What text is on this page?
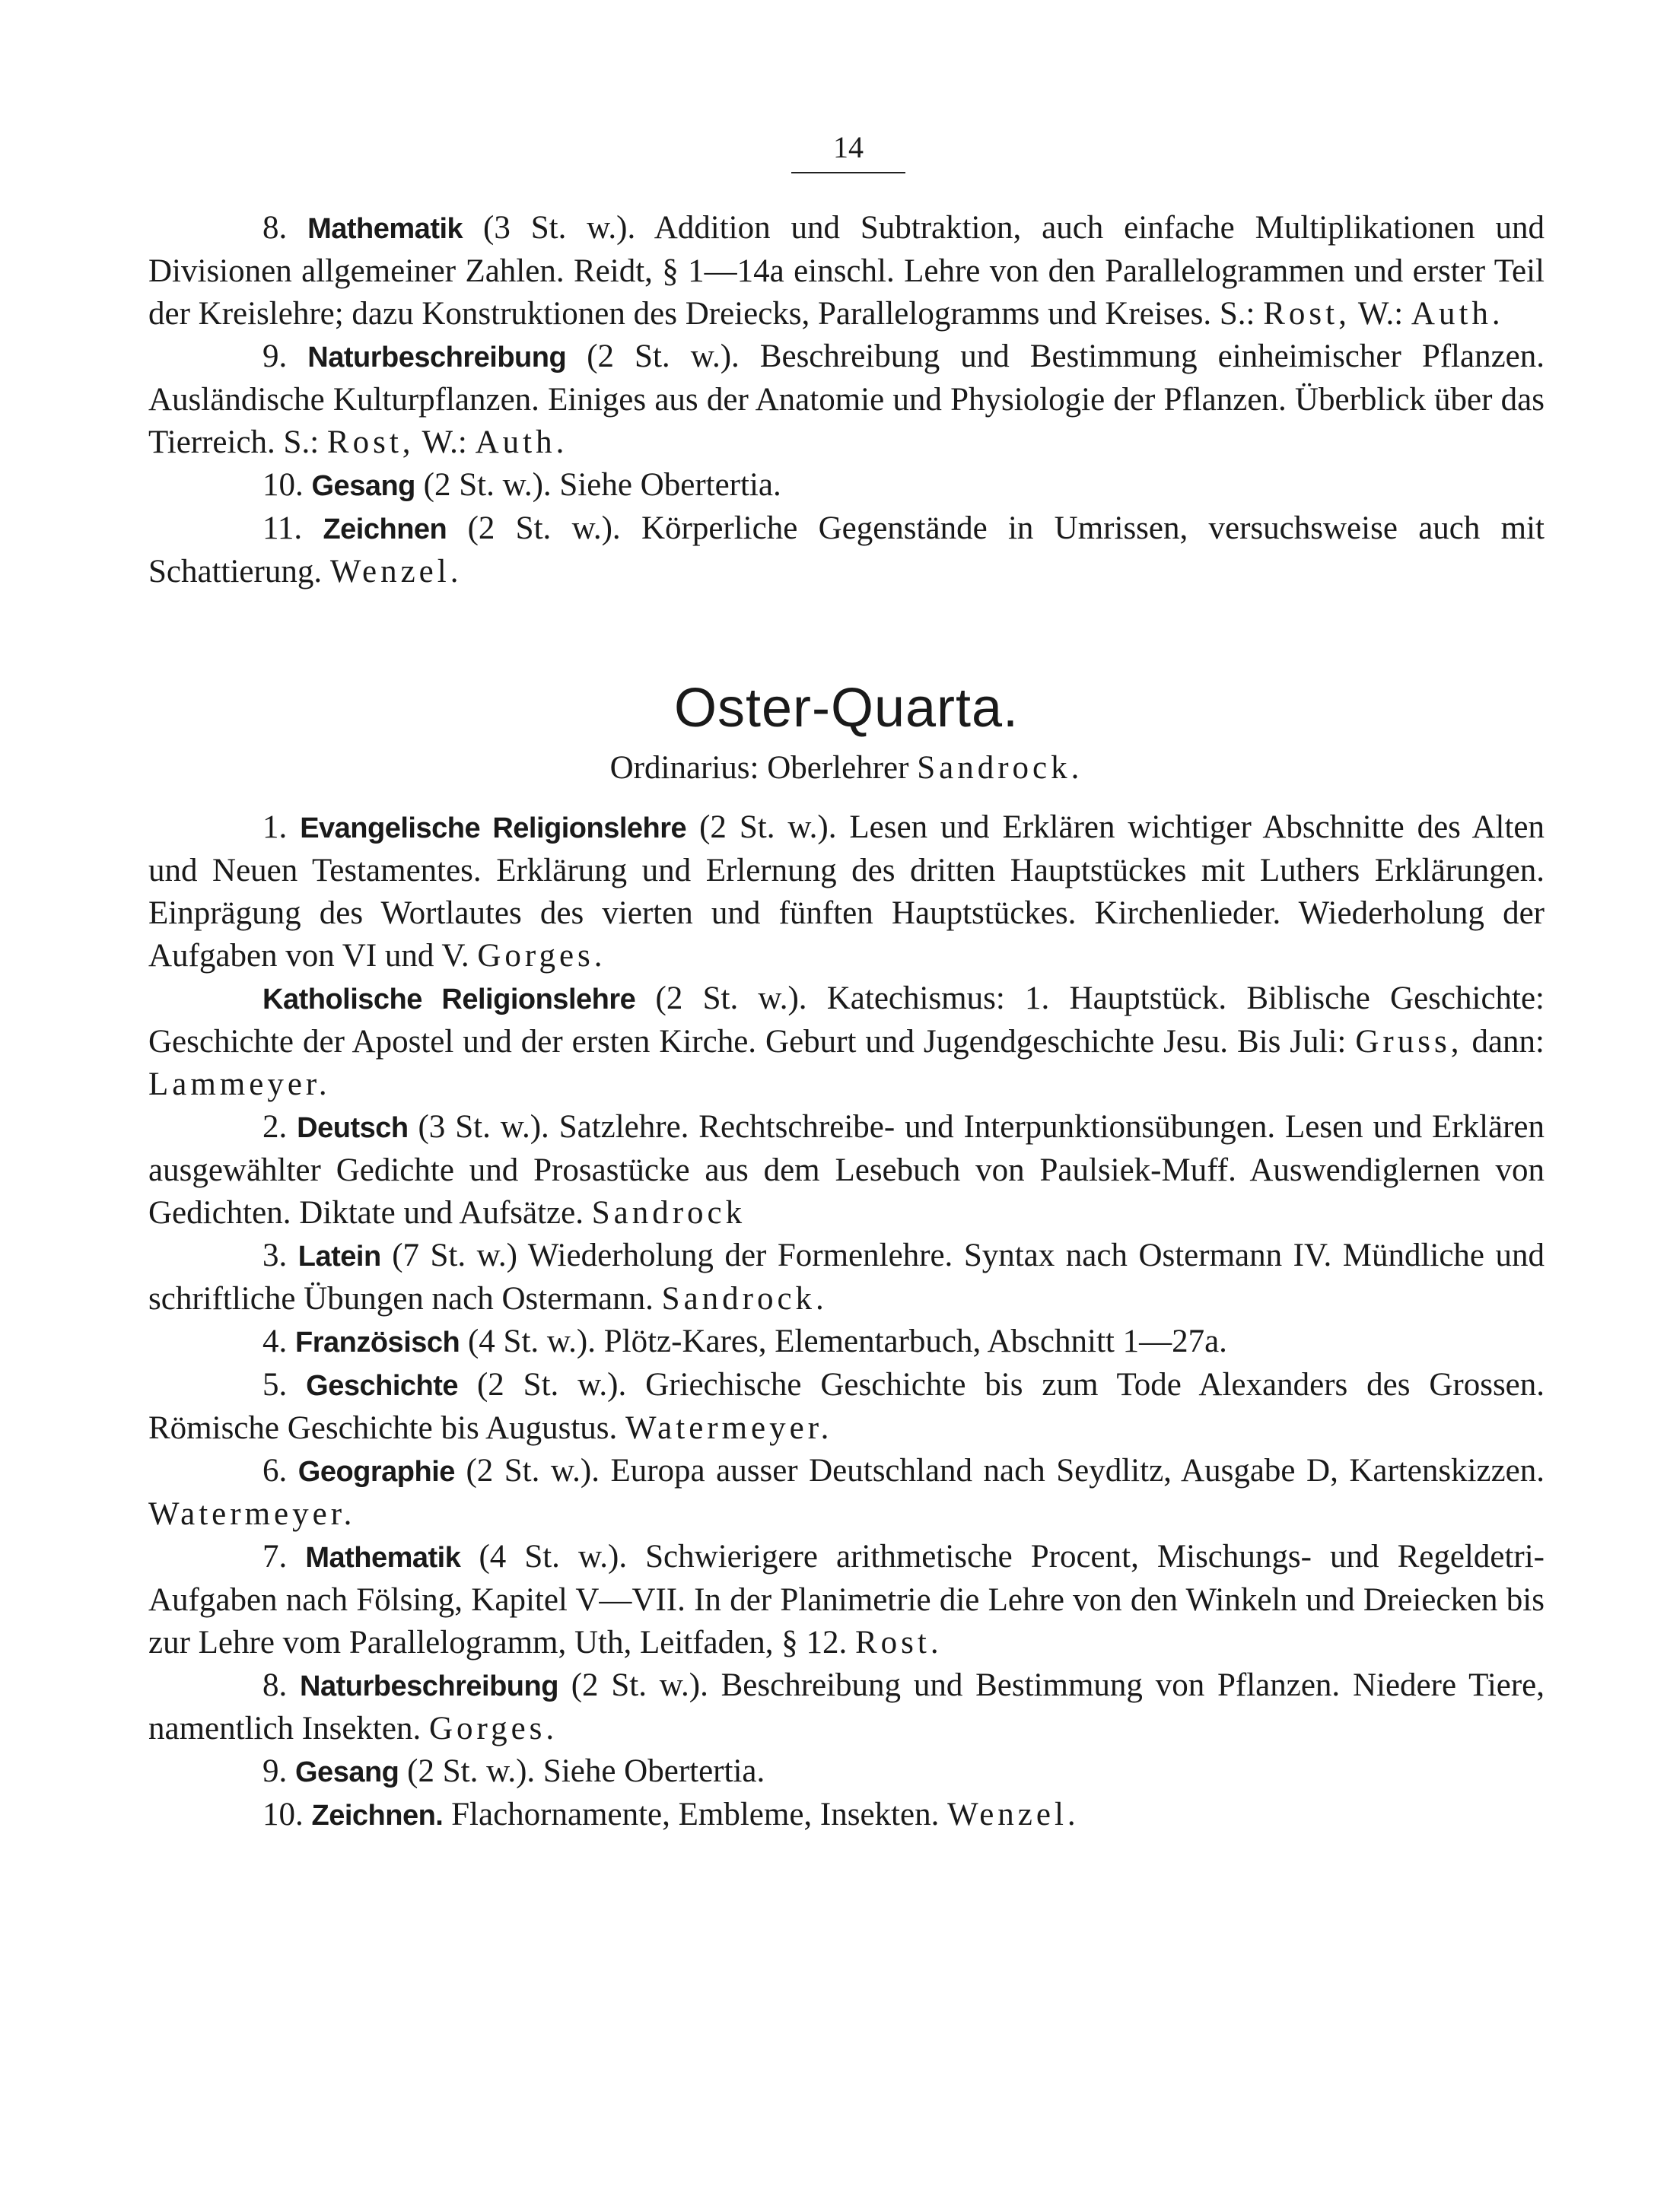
14

8. Mathematik (3 St. w.). Addition und Subtraktion, auch einfache Multiplikationen und Divisionen allgemeiner Zahlen. Reidt, § 1—14a einschl. Lehre von den Parallelogrammen und erster Teil der Kreislehre; dazu Konstruktionen des Dreiecks, Parallelogramms und Kreises. S.: Rost, W.: Auth.

9. Naturbeschreibung (2 St. w.). Beschreibung und Bestimmung einheimischer Pflanzen. Ausländische Kulturpflanzen. Einiges aus der Anatomie und Physiologie der Pflanzen. Überblick über das Tierreich. S.: Rost, W.: Auth.

10. Gesang (2 St. w.). Siehe Obertertia.

11. Zeichnen (2 St. w.). Körperliche Gegenstände in Umrissen, versuchsweise auch mit Schattierung. Wenzel.

Oster-Quarta.
Ordinarius: Oberlehrer Sandrock.

1. Evangelische Religionslehre (2 St. w.). Lesen und Erklären wichtiger Abschnitte des Alten und Neuen Testamentes. Erklärung und Erlernung des dritten Hauptstückes mit Luthers Erklärungen. Einprägung des Wortlautes des vierten und fünften Hauptstückes. Kirchenlieder. Wiederholung der Aufgaben von VI und V. Gorges.

Katholische Religionslehre (2 St. w.). Katechismus: 1. Hauptstück. Biblische Geschichte: Geschichte der Apostel und der ersten Kirche. Geburt und Jugendgeschichte Jesu. Bis Juli: Gruss, dann: Lammeyer.

2. Deutsch (3 St. w.). Satzlehre. Rechtschreibe- und Interpunktionsübungen. Lesen und Erklären ausgewählter Gedichte und Prosastücke aus dem Lesebuch von Paulsiek-Muff. Auswendiglernen von Gedichten. Diktate und Aufsätze. Sandrock

3. Latein (7 St. w.) Wiederholung der Formenlehre. Syntax nach Ostermann IV. Mündliche und schriftliche Übungen nach Ostermann. Sandrock.

4. Französisch (4 St. w.). Plötz-Kares, Elementarbuch, Abschnitt 1—27a.

5. Geschichte (2 St. w.). Griechische Geschichte bis zum Tode Alexanders des Grossen. Römische Geschichte bis Augustus. Watermeyer.

6. Geographie (2 St. w.). Europa ausser Deutschland nach Seydlitz, Ausgabe D, Kartenskizzen. Watermeyer.

7. Mathematik (4 St. w.). Schwierigere arithmetische Procent, Mischungs- und Regeldetri-Aufgaben nach Fölsing, Kapitel V—VII. In der Planimetrie die Lehre von den Winkeln und Dreiecken bis zur Lehre vom Parallelogramm, Uth, Leitfaden, § 12. Rost.

8. Naturbeschreibung (2 St. w.). Beschreibung und Bestimmung von Pflanzen. Niedere Tiere, namentlich Insekten. Gorges.

9. Gesang (2 St. w.). Siehe Obertertia.

10. Zeichnen. Flachornamente, Embleme, Insekten. Wenzel.
